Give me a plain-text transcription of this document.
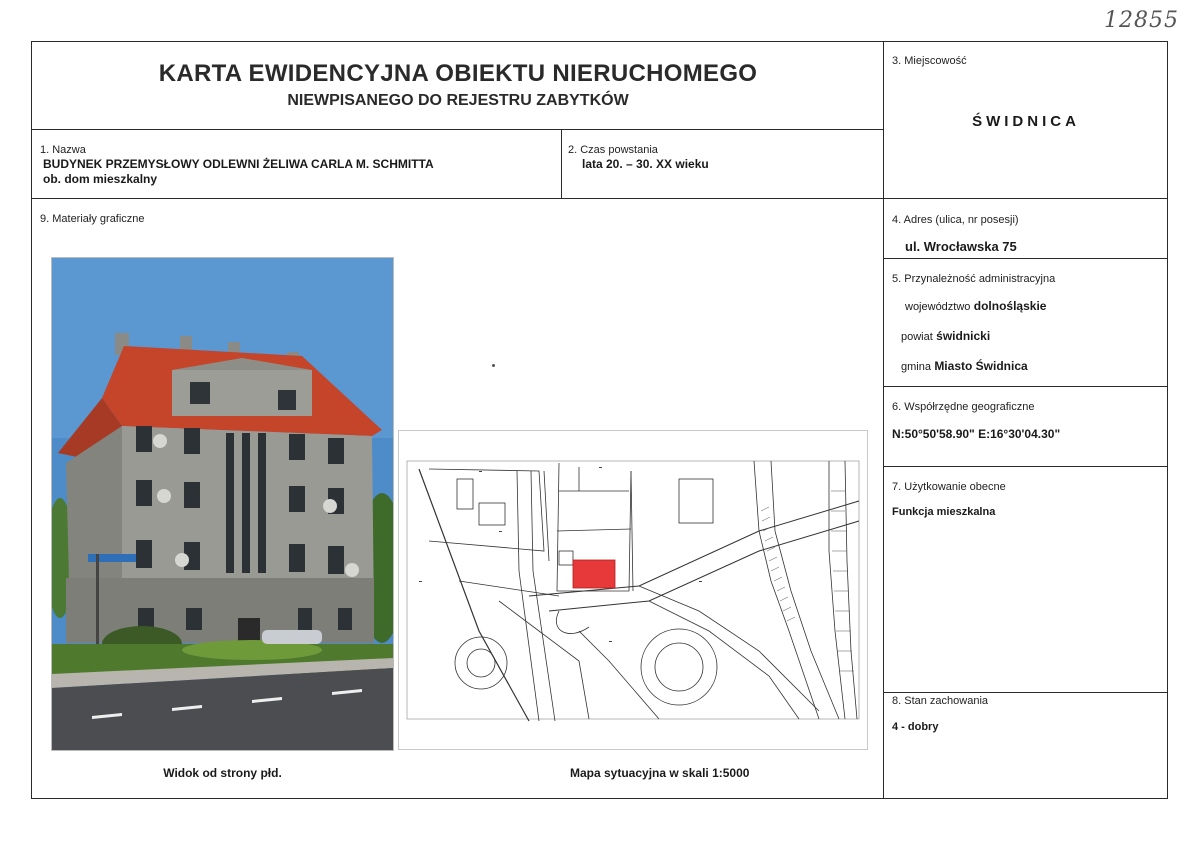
12855
KARTA EWIDENCYJNA OBIEKTU NIERUCHOMEGO
NIEWPISANEGO DO REJESTRU ZABYTKÓW
3. Miejscowość
ŚWIDNICA
1. Nazwa
BUDYNEK PRZEMYSŁOWY ODLEWNI ŻELIWA CARLA M. SCHMITTA
ob. dom mieszkalny
2. Czas powstania
lata 20. – 30. XX wieku
9. Materiały graficzne	4. Adres (ulica, nr posesji)
ul. Wrocławska 75
5. Przynależność administracyjna
województwo dolnośląskie
powiat świdnicki
gmina Miasto Świdnica
6. Współrzędne geograficzne
N:50°50'58.90" E:16°30'04.30"
7. Użytkowanie obecne
Funkcja mieszkalna
8. Stan zachowania
4 - dobry
Widok od strony płd.	Mapa sytuacyjna w skali 1:5000
